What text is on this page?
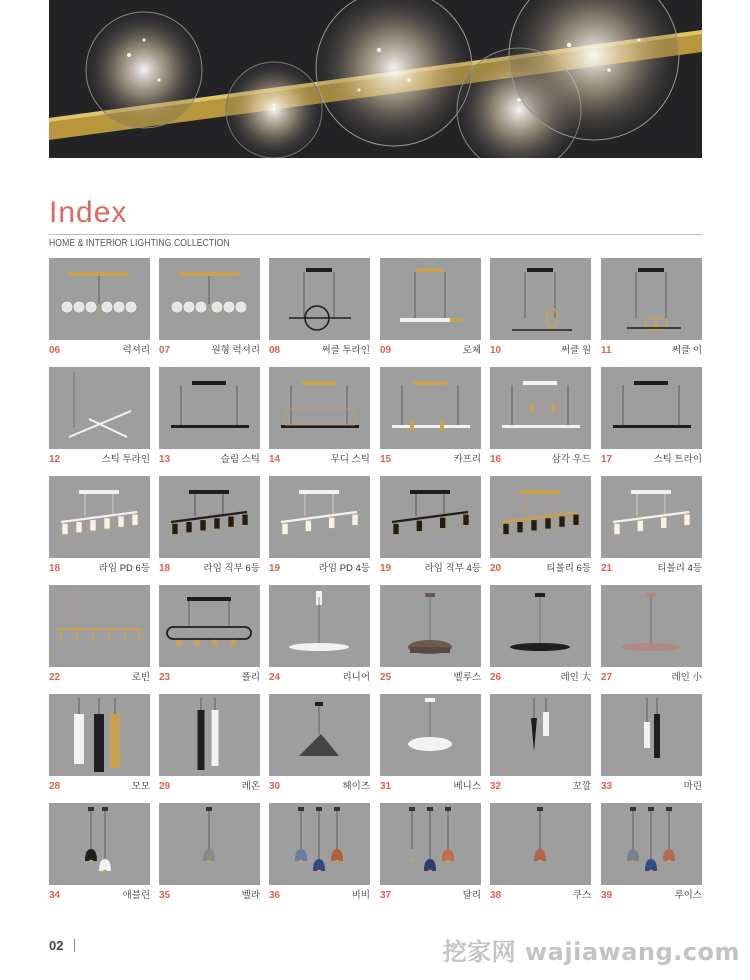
Index
HOME & INTERIOR LIGHTING COLLECTION
06	럭셔리 07	원형 럭셔리 08	써클 투라인 09	로체 10	써클 원 11	써클 이
12	스틱 투라인 13	슬림 스틱 14	무디 스틱 15	카프리 16	삼각 우드 17	스틱 트라이
18	라임 PD 6등 18	라임 직부 6등 19	라임 PD 4등 19	라임 직부 4등 20	티볼리 6등 21	티볼리 4등
22	로빈 23	폴리 24	리니어 25	벨루스 26	레인 大 27	레인 小
28	모모 29	레온 30	헤이즈 31	베니스 32	꼬깔 33	마린
34	애블린 35	벨라 36	비비 37	달리 38	쿠스 39	루이스
02	挖家网 wajiawang.com
